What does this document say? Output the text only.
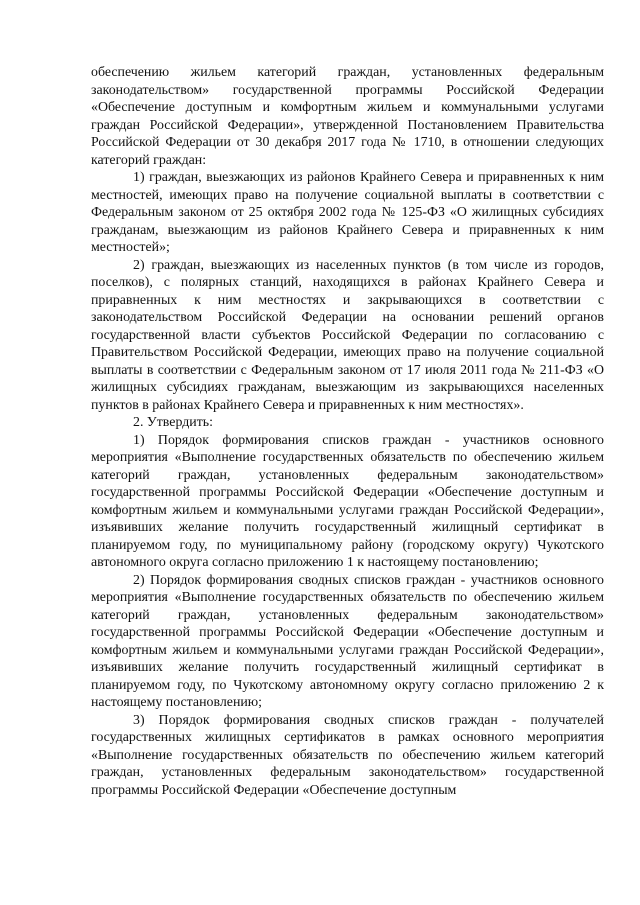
обеспечению жильем категорий граждан, установленных федеральным законодательством» государственной программы Российской Федерации «Обеспечение доступным и комфортным жильем и коммунальными услугами граждан Российской Федерации», утвержденной Постановлением Правительства Российской Федерации от 30 декабря 2017 года № 1710, в отношении следующих категорий граждан:

1) граждан, выезжающих из районов Крайнего Севера и приравненных к ним местностей, имеющих право на получение социальной выплаты в соответствии с Федеральным законом от 25 октября 2002 года № 125-ФЗ «О жилищных субсидиях гражданам, выезжающим из районов Крайнего Севера и приравненных к ним местностей»;

2) граждан, выезжающих из населенных пунктов (в том числе из городов, поселков), с полярных станций, находящихся в районах Крайнего Севера и приравненных к ним местностях и закрывающихся в соответствии с законодательством Российской Федерации на основании решений органов государственной власти субъектов Российской Федерации по согласованию с Правительством Российской Федерации, имеющих право на получение социальной выплаты в соответствии с Федеральным законом от 17 июля 2011 года № 211-ФЗ «О жилищных субсидиях гражданам, выезжающим из закрывающихся населенных пунктов в районах Крайнего Севера и приравненных к ним местностях».

2. Утвердить:

1) Порядок формирования списков граждан - участников основного мероприятия «Выполнение государственных обязательств по обеспечению жильем категорий граждан, установленных федеральным законодательством» государственной программы Российской Федерации «Обеспечение доступным и комфортным жильем и коммунальными услугами граждан Российской Федерации», изъявивших желание получить государственный жилищный сертификат в планируемом году, по муниципальному району (городскому округу) Чукотского автономного округа согласно приложению 1 к настоящему постановлению;

2) Порядок формирования сводных списков граждан - участников основного мероприятия «Выполнение государственных обязательств по обеспечению жильем категорий граждан, установленных федеральным законодательством» государственной программы Российской Федерации «Обеспечение доступным и комфортным жильем и коммунальными услугами граждан Российской Федерации», изъявивших желание получить государственный жилищный сертификат в планируемом году, по Чукотскому автономному округу согласно приложению 2 к настоящему постановлению;

3) Порядок формирования сводных списков граждан - получателей государственных жилищных сертификатов в рамках основного мероприятия «Выполнение государственных обязательств по обеспечению жильем категорий граждан, установленных федеральным законодательством» государственной программы Российской Федерации «Обеспечение доступным
